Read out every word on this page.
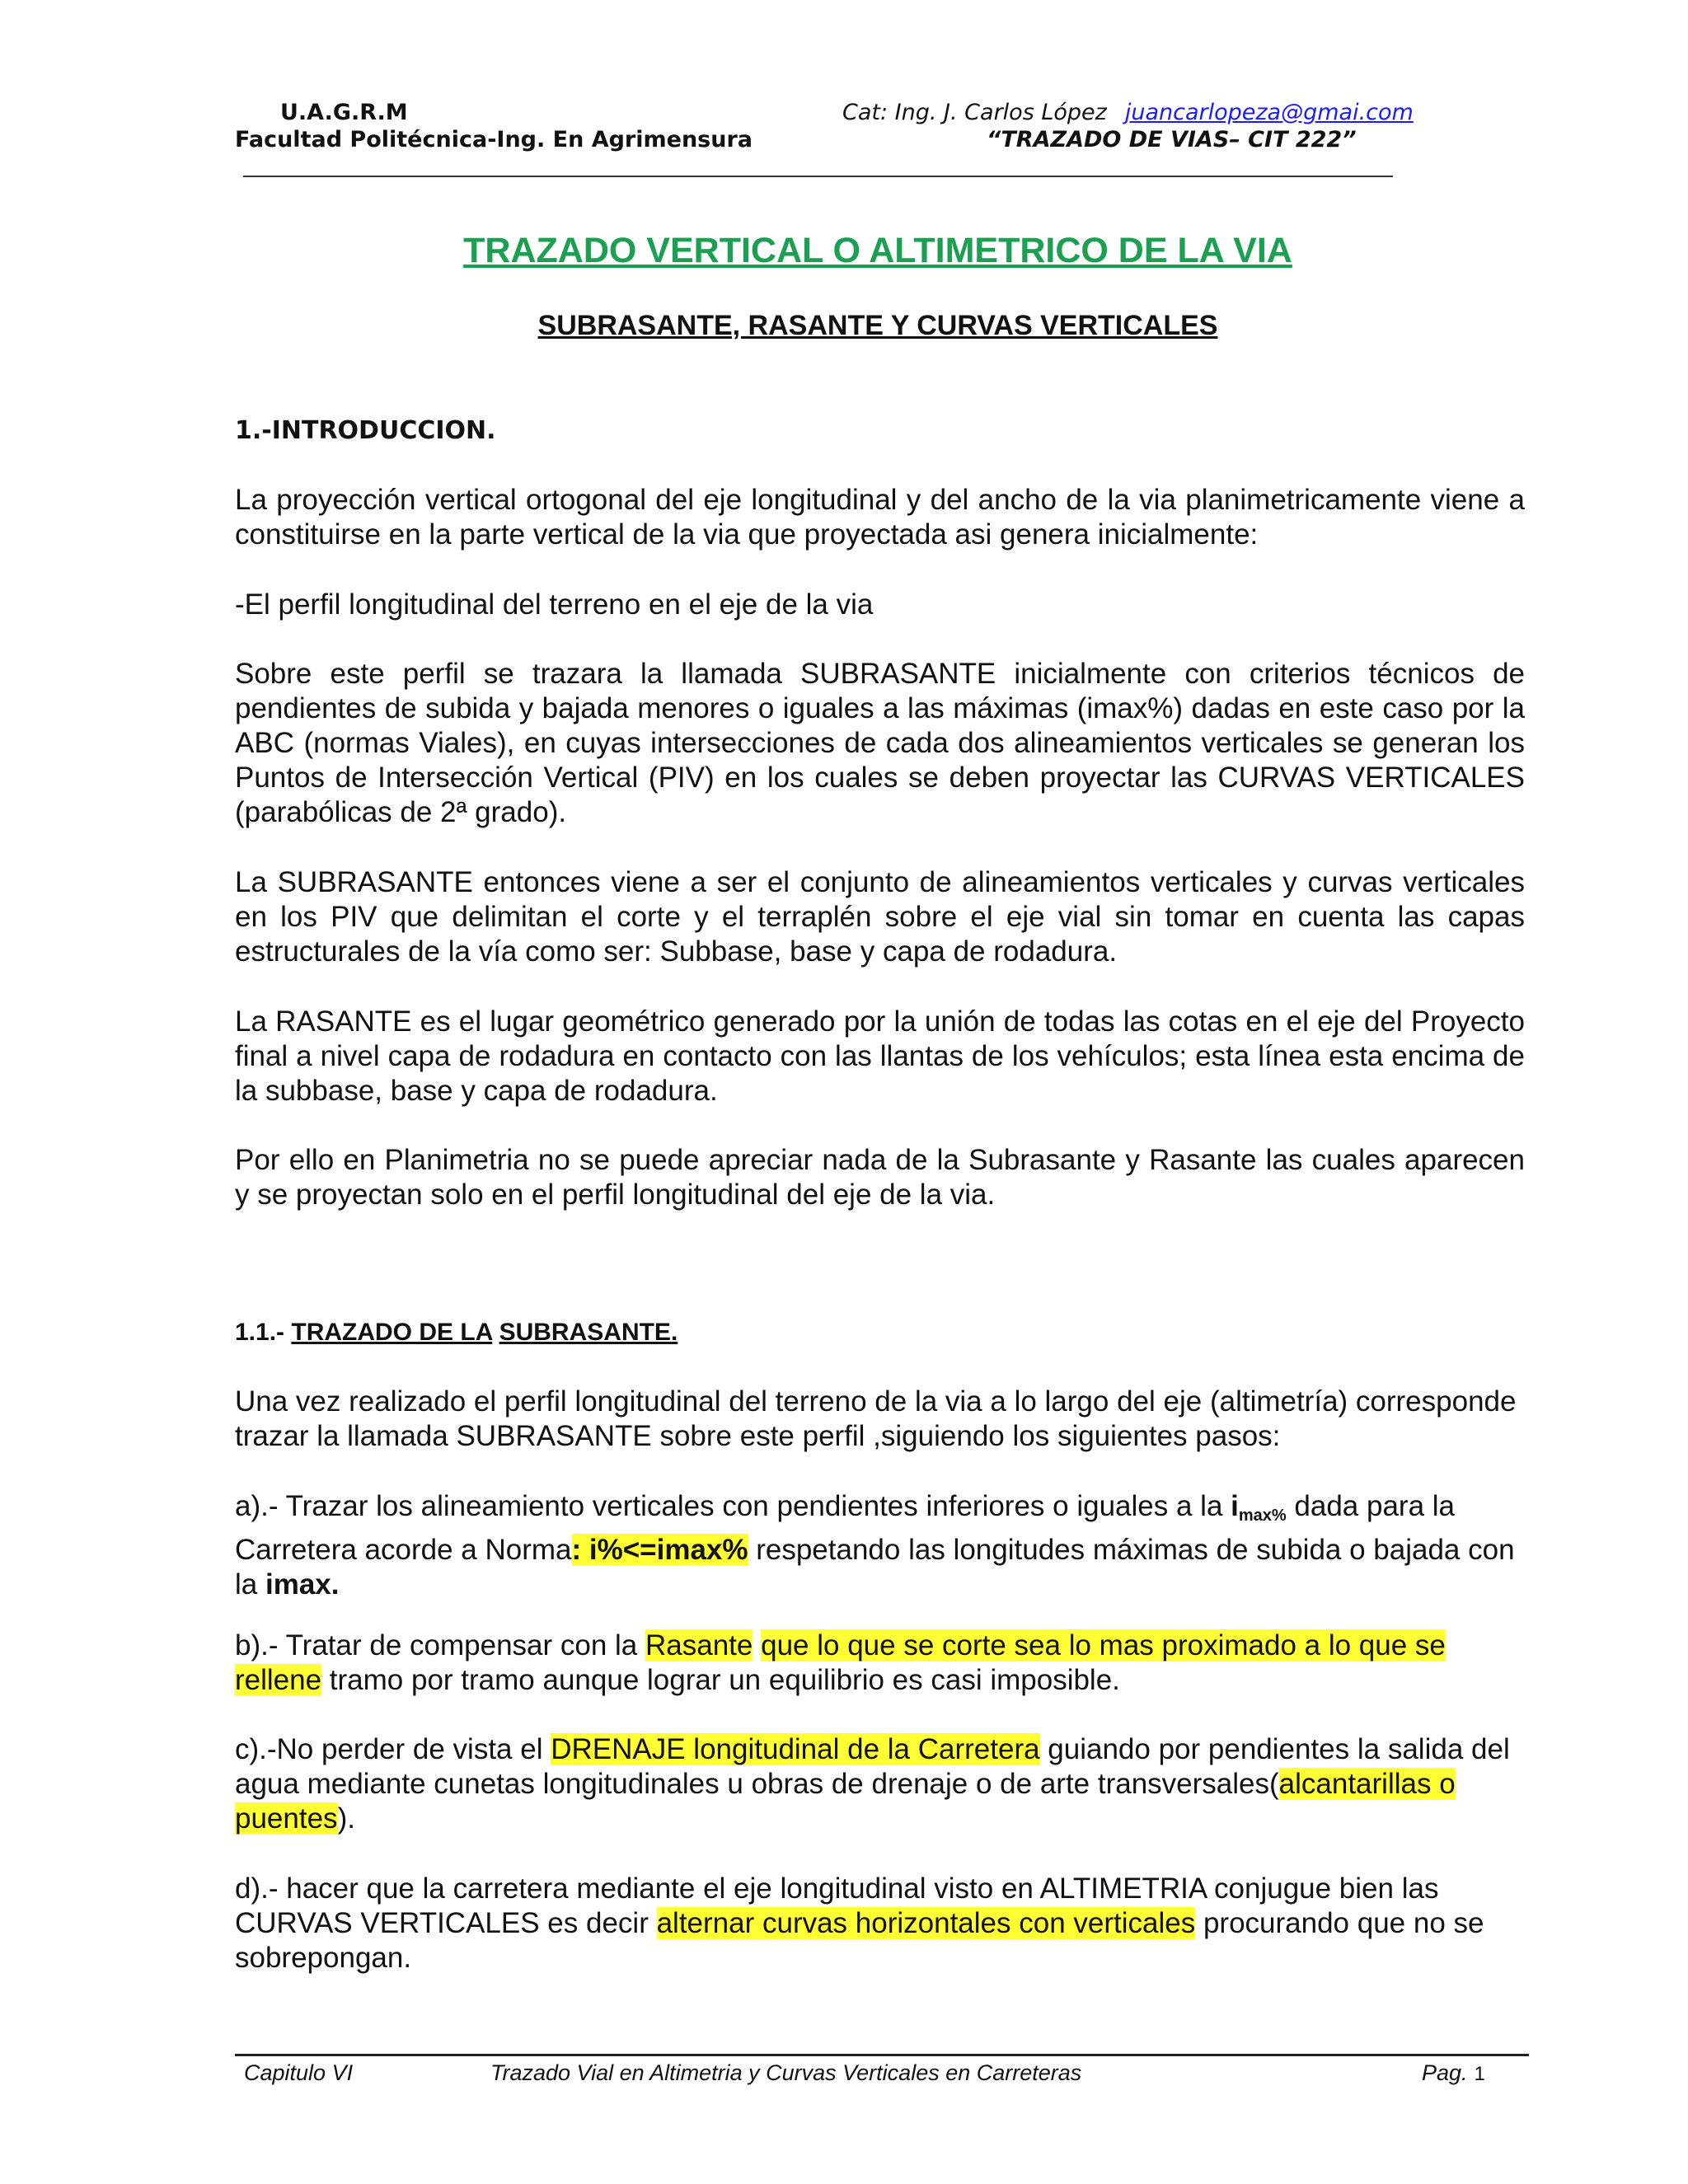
U.A.G.R.M
Facultad Politécnica-Ing. En Agrimensura
Cat: Ing. J. Carlos López juancarlopeza@gmai.com
“TRAZADO DE VIAS– CIT 222”
TRAZADO VERTICAL O ALTIMETRICO DE LA VIA
SUBRASANTE, RASANTE Y CURVAS VERTICALES
1.-INTRODUCCION.

La proyección vertical ortogonal del eje longitudinal y del ancho de la via planimetricamente viene a constituirse en la parte vertical de la via que proyectada asi genera inicialmente:

-El perfil longitudinal del terreno en el eje de la via

Sobre este perfil se trazara la llamada SUBRASANTE inicialmente con criterios técnicos de pendientes de subida y bajada menores o iguales a las máximas (imax%) dadas en este caso por la ABC (normas Viales), en cuyas intersecciones de cada dos alineamientos verticales se generan los Puntos de Intersección Vertical (PIV) en los cuales se deben proyectar las CURVAS VERTICALES (parabólicas de 2ª grado).

La SUBRASANTE entonces viene a ser el conjunto de alineamientos verticales y curvas verticales en los PIV que delimitan el corte y el terraplén sobre el eje vial sin tomar en cuenta las capas estructurales de la vía como ser: Subbase, base y capa de rodadura.

La RASANTE es el lugar geométrico generado por la unión de todas las cotas en el eje del Proyecto final a nivel capa de rodadura en contacto con las llantas de los vehículos; esta línea esta encima de la subbase, base y capa de rodadura.

Por ello en Planimetria no se puede apreciar nada de la Subrasante y Rasante las cuales aparecen y se proyectan solo en el perfil longitudinal del eje de la via.

1.1.- TRAZADO DE LA SUBRASANTE.

Una vez realizado el perfil longitudinal del terreno de la via a lo largo del eje (altimetría) corresponde trazar la llamada SUBRASANTE sobre este perfil ,siguiendo los siguientes pasos:

a).- Trazar los alineamiento verticales con pendientes inferiores o iguales a la $i_{max\%}$ dada para la Carretera acorde a Norma: i%<=imax% respetando las longitudes máximas de subida o bajada con la imax.

b).- Tratar de compensar con la Rasante que lo que se corte sea lo mas proximado a lo que se rellene tramo por tramo aunque lograr un equilibrio es casi imposible.

c).-No perder de vista el DRENAJE longitudinal de la Carretera guiando por pendientes la salida del agua mediante cunetas longitudinales u obras de drenaje o de arte transversales(alcantarillas o puentes).

d).- hacer que la carretera mediante el eje longitudinal visto en ALTIMETRIA conjugue bien las CURVAS VERTICALES es decir alternar curvas horizontales con verticales procurando que no se sobrepongan.

Capitulo VI	Trazado Vial en Altimetria y Curvas Verticales en Carreteras	Pag. 1
